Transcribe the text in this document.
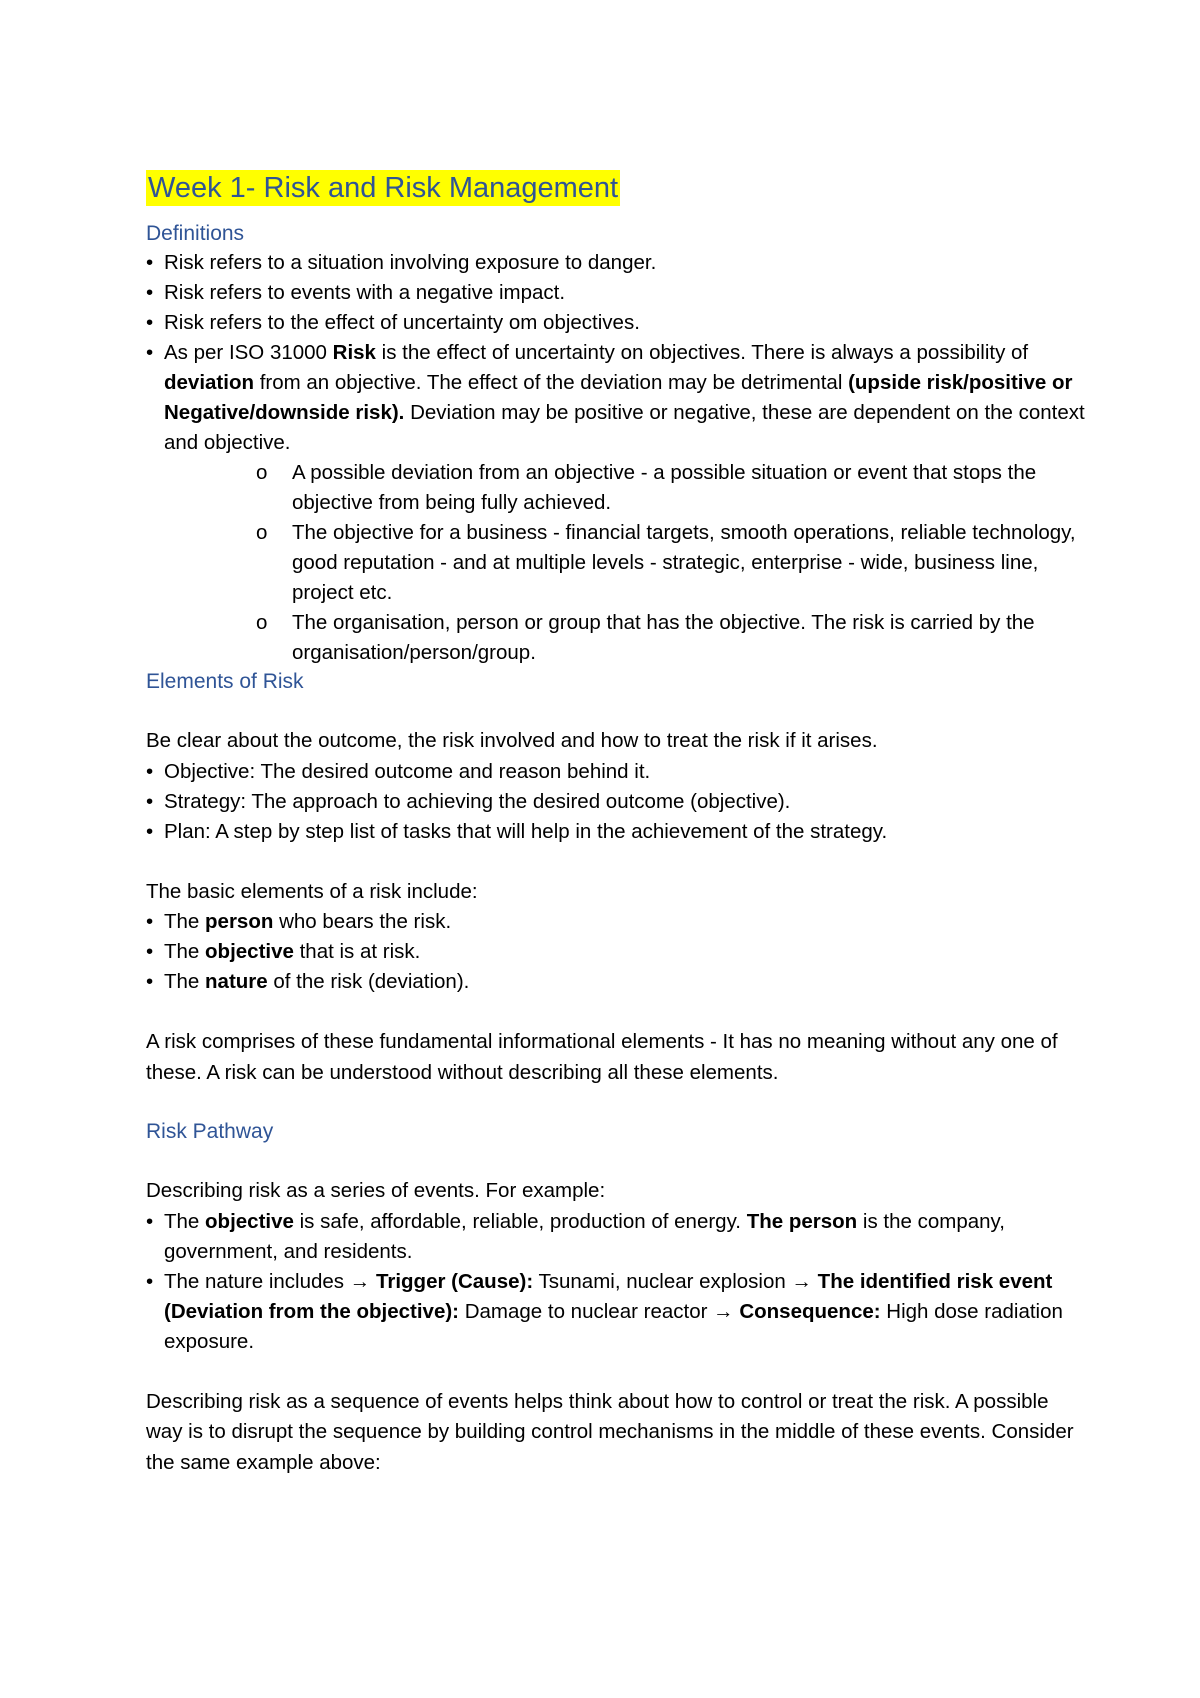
Week 1- Risk and Risk Management
Definitions

• Risk refers to a situation involving exposure to danger.

• Risk refers to events with a negative impact.

• Risk refers to the effect of uncertainty om objectives.

• As per ISO 31000 Risk is the effect of uncertainty on objectives. There is always a possibility of deviation from an objective. The effect of the deviation may be detrimental (upside risk/positive or Negative/downside risk). Deviation may be positive or negative, these are dependent on the context and objective.

o A possible deviation from an objective - a possible situation or event that stops the objective from being fully achieved.

o The objective for a business - financial targets, smooth operations, reliable technology, good reputation - and at multiple levels - strategic, enterprise - wide, business line, project etc.

o The organisation, person or group that has the objective. The risk is carried by the organisation/person/group.

Elements of Risk

Be clear about the outcome, the risk involved and how to treat the risk if it arises.

• Objective: The desired outcome and reason behind it.

• Strategy: The approach to achieving the desired outcome (objective).

• Plan: A step by step list of tasks that will help in the achievement of the strategy.

The basic elements of a risk include:

• The person who bears the risk.

• The objective that is at risk.

• The nature of the risk (deviation).

A risk comprises of these fundamental informational elements - It has no meaning without any one of these. A risk can be understood without describing all these elements.

Risk Pathway

Describing risk as a series of events. For example:

• The objective is safe, affordable, reliable, production of energy. The person is the company, government, and residents.

• The nature includes → Trigger (Cause): Tsunami, nuclear explosion → The identified risk event (Deviation from the objective): Damage to nuclear reactor → Consequence: High dose radiation exposure.

Describing risk as a sequence of events helps think about how to control or treat the risk. A possible way is to disrupt the sequence by building control mechanisms in the middle of these events. Consider the same example above:
